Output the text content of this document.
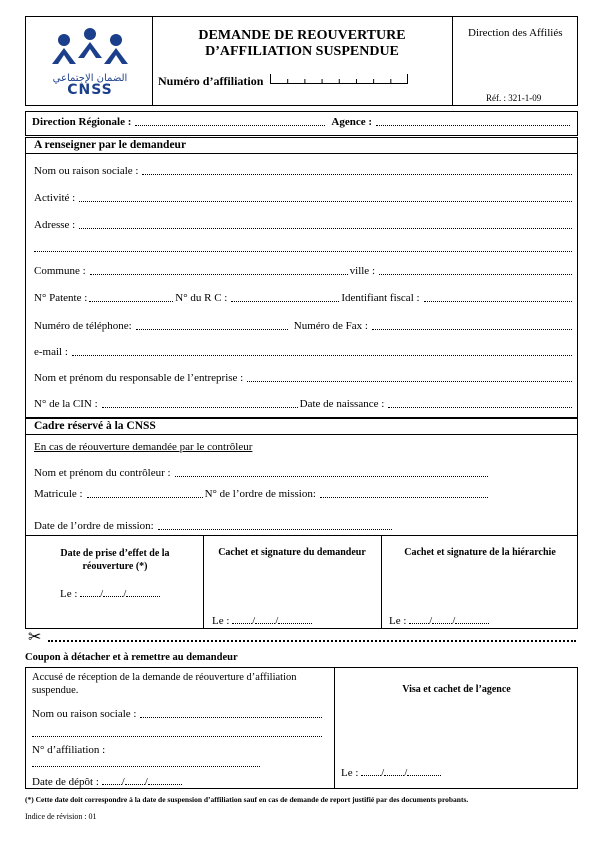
الضمان الإجتماعي
CNSS
DEMANDE DE REOUVERTURE
D’AFFILIATION SUSPENDUE
Numéro d’affiliation
Direction des Affiliés
Réf. : 321-1-09
Direction Régionale :	Agence :
A renseigner par le demandeur
Nom ou raison sociale :
Activité :
Adresse :
Commune :	ville :
N° Patente :	N° du R C :	Identifiant fiscal :
Numéro de téléphone:	Numéro de Fax :
e-mail :
Nom et prénom du responsable de l’entreprise :
N° de la CIN :	Date de naissance :
Cadre réservé à la CNSS
En cas de réouverture demandée par le contrôleur
Nom et prénom du contrôleur :
Matricule :	N° de l’ordre de mission:
Date de l’ordre de mission:
Date de prise d’effet de la réouverture (*)
Cachet et signature du demandeur	Cachet et signature de la hiérarchie
Le : / /
Le : / /	Le : / /
✂
Coupon à détacher et à remettre au demandeur
Accusé de réception de la demande de réouverture d’affiliation suspendue.
Nom ou raison sociale :
N° d’affiliation :
Date de dépôt : / /
Visa et cachet de l’agence
Le : / /
(*) Cette date doit correspondre à la date de suspension d’affiliation sauf en cas de demande de report justifié par des documents probants.
Indice de révision : 01
